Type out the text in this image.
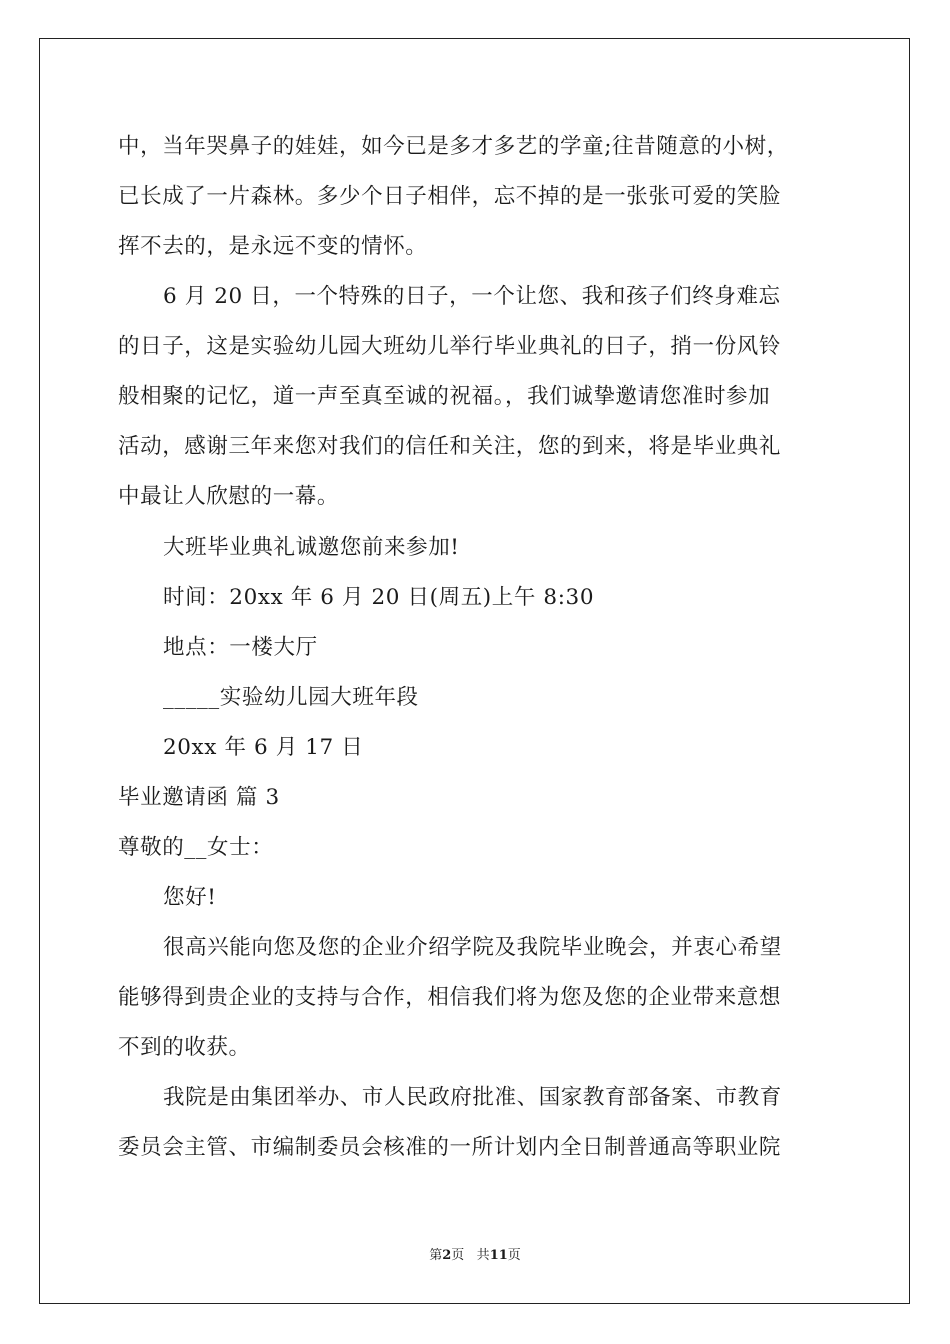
中，当年哭鼻子的娃娃，如今已是多才多艺的学童;往昔随意的小树，
已长成了一片森林。多少个日子相伴，忘不掉的是一张张可爱的笑脸
挥不去的，是永远不变的情怀。
6 月 20 日，一个特殊的日子，一个让您、我和孩子们终身难忘
的日子，这是实验幼儿园大班幼儿举行毕业典礼的日子，捎一份风铃
般相聚的记忆，道一声至真至诚的祝福。，我们诚挚邀请您准时参加
活动，感谢三年来您对我们的信任和关注，您的到来，将是毕业典礼
中最让人欣慰的一幕。
大班毕业典礼诚邀您前来参加!
时间：20xx 年 6 月 20 日(周五)上午 8:30
地点：一楼大厅
_____实验幼儿园大班年段
20xx 年 6 月 17 日
毕业邀请函 篇 3
尊敬的__女士：
您好!
很高兴能向您及您的企业介绍学院及我院毕业晚会，并衷心希望
能够得到贵企业的支持与合作，相信我们将为您及您的企业带来意想
不到的收获。
我院是由集团举办、市人民政府批准、国家教育部备案、市教育
委员会主管、市编制委员会核准的一所计划内全日制普通高等职业院
第2页 共11页
